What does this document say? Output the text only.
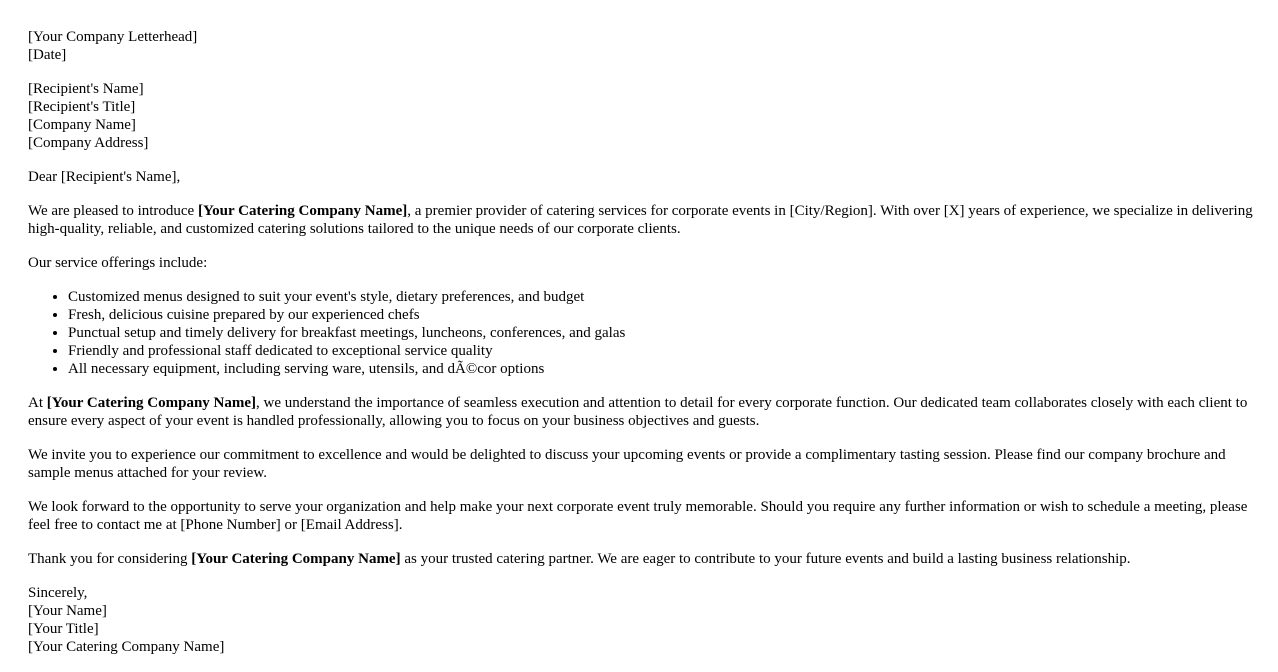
[Your Company Letterhead]
[Date]

[Recipient's Name]
[Recipient's Title]
[Company Name]
[Company Address]

Dear [Recipient's Name],

We are pleased to introduce [Your Catering Company Name], a premier provider of catering services for corporate events in [City/Region]. With over [X] years of experience, we specialize in delivering high-quality, reliable, and customized catering solutions tailored to the unique needs of our corporate clients.

Our service offerings include:

• Customized menus designed to suit your event's style, dietary preferences, and budget
• Fresh, delicious cuisine prepared by our experienced chefs
• Punctual setup and timely delivery for breakfast meetings, luncheons, conferences, and galas
• Friendly and professional staff dedicated to exceptional service quality
• All necessary equipment, including serving ware, utensils, and dÃ©cor options

At [Your Catering Company Name], we understand the importance of seamless execution and attention to detail for every corporate function. Our dedicated team collaborates closely with each client to ensure every aspect of your event is handled professionally, allowing you to focus on your business objectives and guests.

We invite you to experience our commitment to excellence and would be delighted to discuss your upcoming events or provide a complimentary tasting session. Please find our company brochure and sample menus attached for your review.

We look forward to the opportunity to serve your organization and help make your next corporate event truly memorable. Should you require any further information or wish to schedule a meeting, please feel free to contact me at [Phone Number] or [Email Address].

Thank you for considering [Your Catering Company Name] as your trusted catering partner. We are eager to contribute to your future events and build a lasting business relationship.

Sincerely,
[Your Name]
[Your Title]
[Your Catering Company Name]
